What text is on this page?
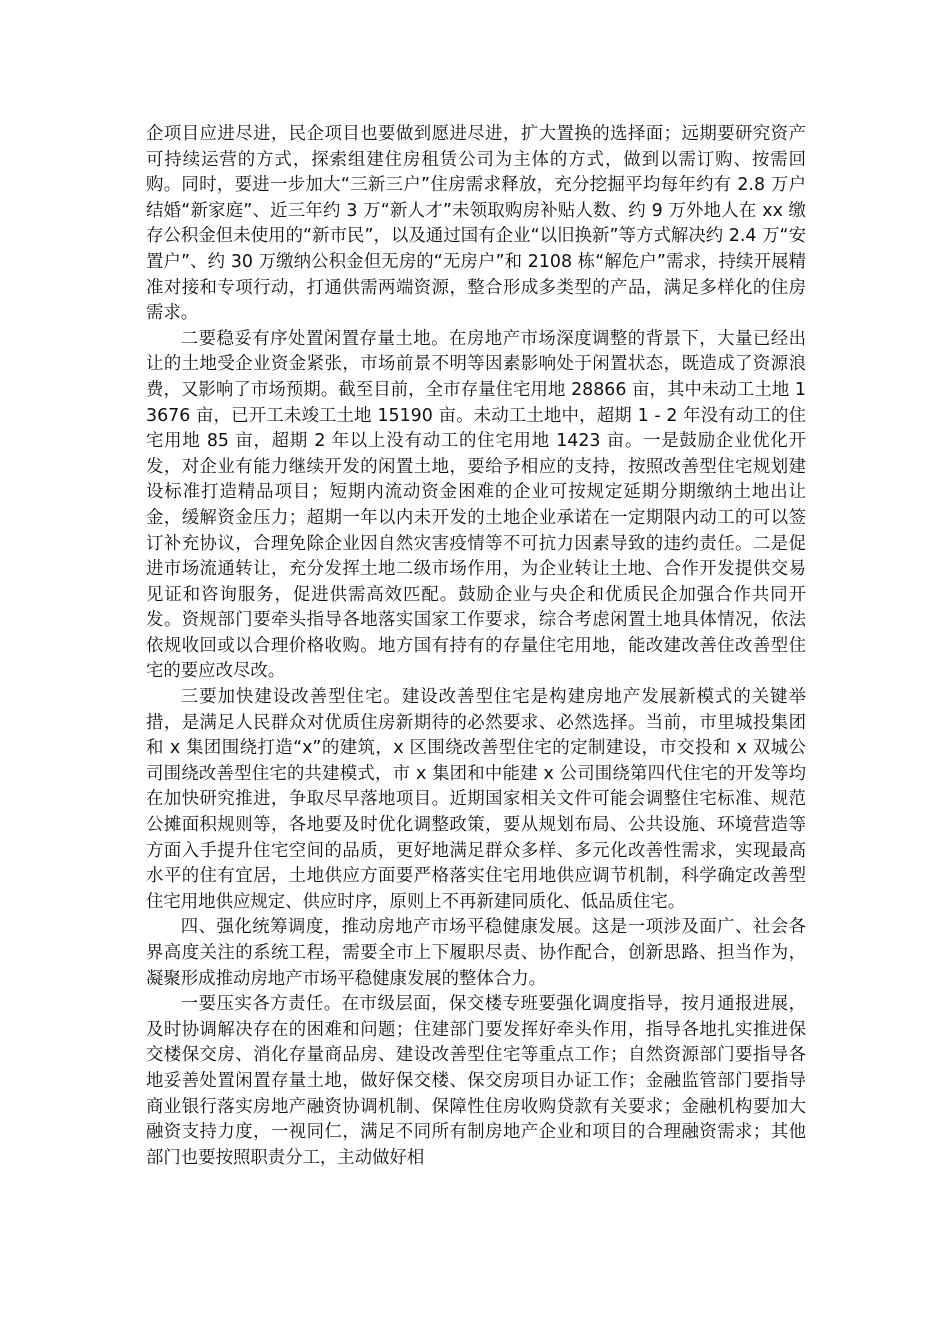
企项目应进尽进，民企项目也要做到愿进尽进，扩大置换的选择面；远期要研究资产可持续运营的方式，探索组建住房租赁公司为主体的方式，做到以需订购、按需回购。同时，要进一步加大“三新三户”住房需求释放，充分挖掘平均每年约有 2.8 万户结婚“新家庭”、近三年约 3 万“新人才”未领取购房补贴人数、约 9 万外地人在 xx 缴存公积金但未使用的“新市民”，以及通过国有企业“以旧换新”等方式解决约 2.4 万“安置户”、约 30 万缴纳公积金但无房的“无房户”和 2108 栋“解危户”需求，持续开展精准对接和专项行动，打通供需两端资源，整合形成多类型的产品，满足多样化的住房需求。

二要稳妥有序处置闲置存量土地。在房地产市场深度调整的背景下，大量已经出让的土地受企业资金紧张，市场前景不明等因素影响处于闲置状态，既造成了资源浪费，又影响了市场预期。截至目前，全市存量住宅用地 28866 亩，其中未动工土地 13676 亩，已开工未竣工土地 15190 亩。未动工土地中，超期 1 - 2 年没有动工的住宅用地 85 亩，超期 2 年以上没有动工的住宅用地 1423 亩。一是鼓励企业优化开发，对企业有能力继续开发的闲置土地，要给予相应的支持，按照改善型住宅规划建设标准打造精品项目；短期内流动资金困难的企业可按规定延期分期缴纳土地出让金，缓解资金压力；超期一年以内未开发的土地企业承诺在一定期限内动工的可以签订补充协议，合理免除企业因自然灾害疫情等不可抗力因素导致的违约责任。二是促进市场流通转让，充分发挥土地二级市场作用，为企业转让土地、合作开发提供交易见证和咨询服务，促进供需高效匹配。鼓励企业与央企和优质民企加强合作共同开发。资规部门要牵头指导各地落实国家工作要求，综合考虑闲置土地具体情况，依法依规收回或以合理价格收购。地方国有持有的存量住宅用地，能改建改善住改善型住宅的要应改尽改。

三要加快建设改善型住宅。建设改善型住宅是构建房地产发展新模式的关键举措，是满足人民群众对优质住房新期待的必然要求、必然选择。当前，市里城投集团和 x 集团围绕打造“x”的建筑，x 区围绕改善型住宅的定制建设，市交投和 x 双城公司围绕改善型住宅的共建模式，市 x 集团和中能建 x 公司围绕第四代住宅的开发等均在加快研究推进，争取尽早落地项目。近期国家相关文件可能会调整住宅标准、规范公摊面积规则等，各地要及时优化调整政策，要从规划布局、公共设施、环境营造等方面入手提升住宅空间的品质，更好地满足群众多样、多元化改善性需求，实现最高水平的住有宜居，土地供应方面要严格落实住宅用地供应调节机制，科学确定改善型住宅用地供应规定、供应时序，原则上不再新建同质化、低品质住宅。

四、强化统筹调度，推动房地产市场平稳健康发展。这是一项涉及面广、社会各界高度关注的系统工程，需要全市上下履职尽责、协作配合，创新思路、担当作为，凝聚形成推动房地产市场平稳健康发展的整体合力。

一要压实各方责任。在市级层面，保交楼专班要强化调度指导，按月通报进展，及时协调解决存在的困难和问题；住建部门要发挥好牵头作用，指导各地扎实推进保交楼保交房、消化存量商品房、建设改善型住宅等重点工作；自然资源部门要指导各地妥善处置闲置存量土地，做好保交楼、保交房项目办证工作；金融监管部门要指导商业银行落实房地产融资协调机制、保障性住房收购贷款有关要求；金融机构要加大融资支持力度，一视同仁，满足不同所有制房地产企业和项目的合理融资需求；其他部门也要按照职责分工，主动做好相
